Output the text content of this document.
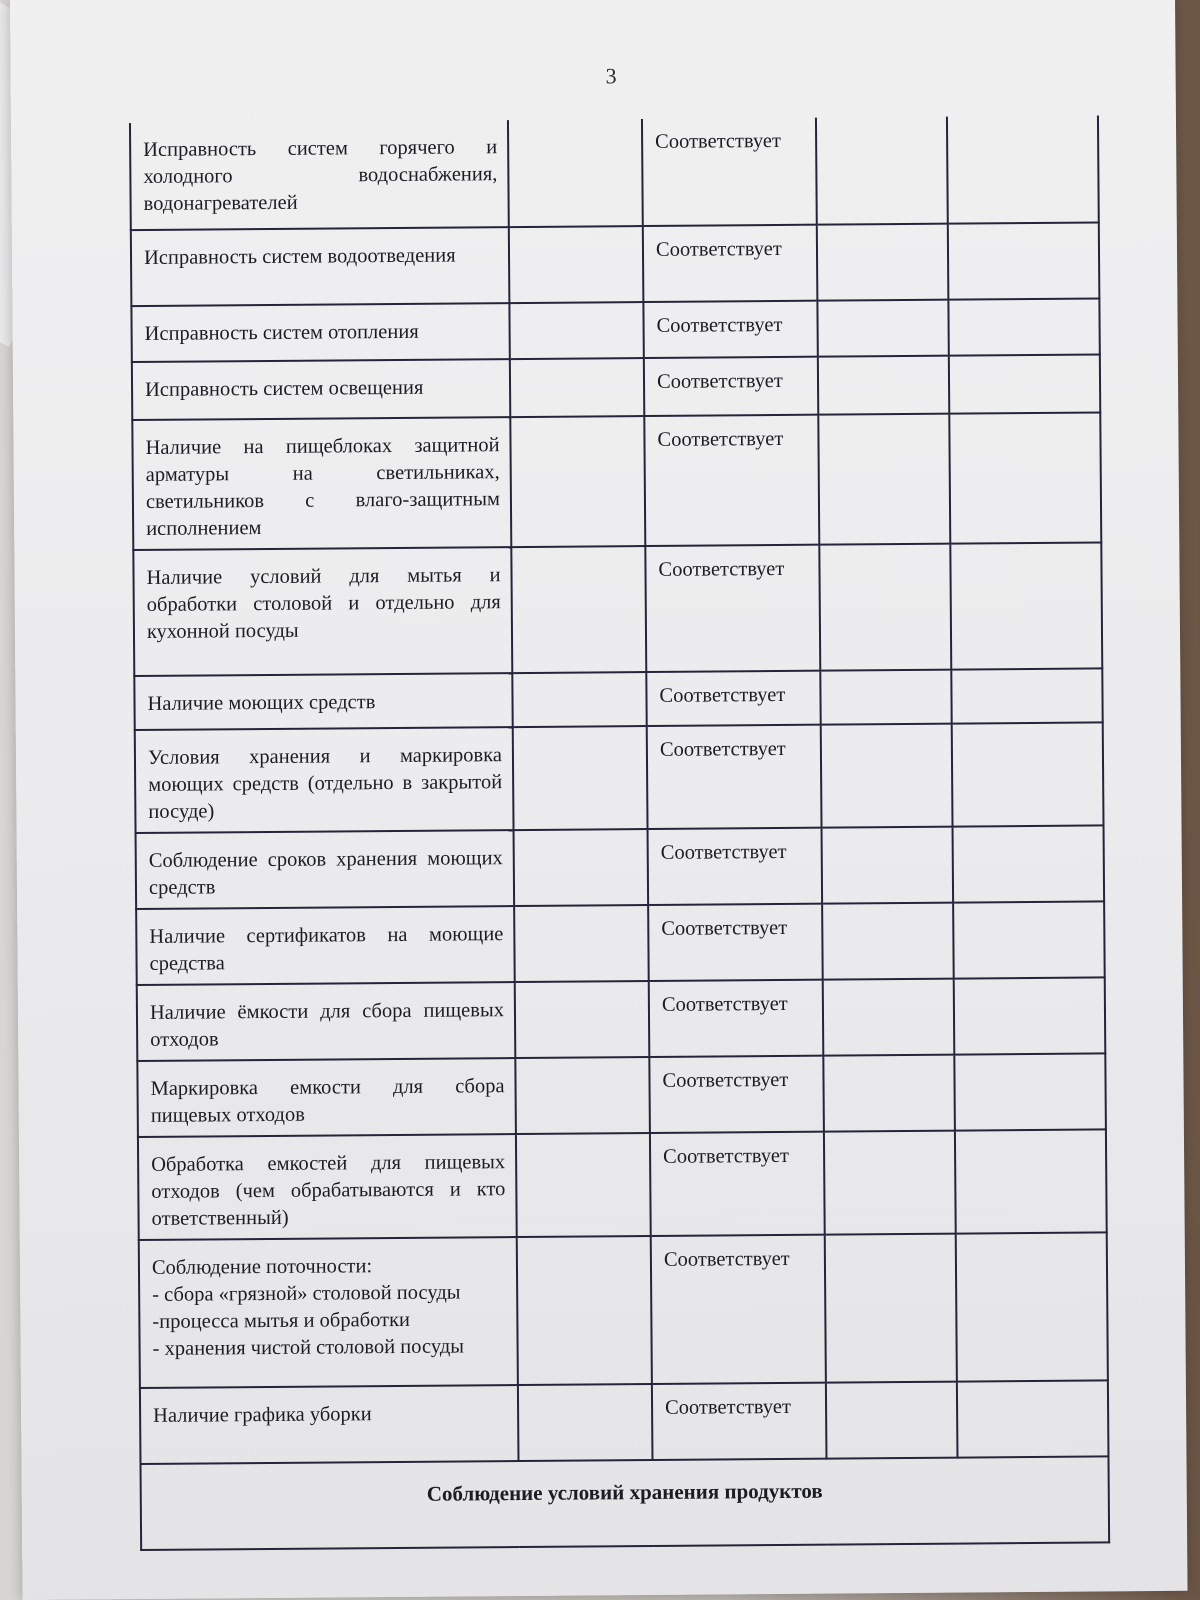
3
Исправность систем горячего и холодного водоснабжения, водонагревателей		Соответствует		

Исправность систем водоотведения		Соответствует		

Исправность систем отопления		Соответствует		

Исправность систем освещения		Соответствует		

Наличие на пищеблоках защитной арматуры на светильниках, светильников с влаго-защитным исполнением		Соответствует		

Наличие условий для мытья и обработки столовой и отдельно для кухонной посуды		Соответствует		

Наличие моющих средств		Соответствует		

Условия хранения и маркировка моющих средств (отдельно в закрытой посуде)		Соответствует		

Соблюдение сроков хранения моющих средств		Соответствует		

Наличие сертификатов на моющие средства		Соответствует		

Наличие ёмкости для сбора пищевых отходов		Соответствует		

Маркировка емкости для сбора пищевых отходов		Соответствует		

Обработка емкостей для пищевых отходов (чем обрабатываются и кто ответственный)		Соответствует		

Соблюдение поточности:
- сбора «грязной» столовой посуды
-процесса мытья и обработки
- хранения чистой столовой посуды		Соответствует		

Наличие графика уборки		Соответствует		

Соблюдение условий хранения продуктов				
